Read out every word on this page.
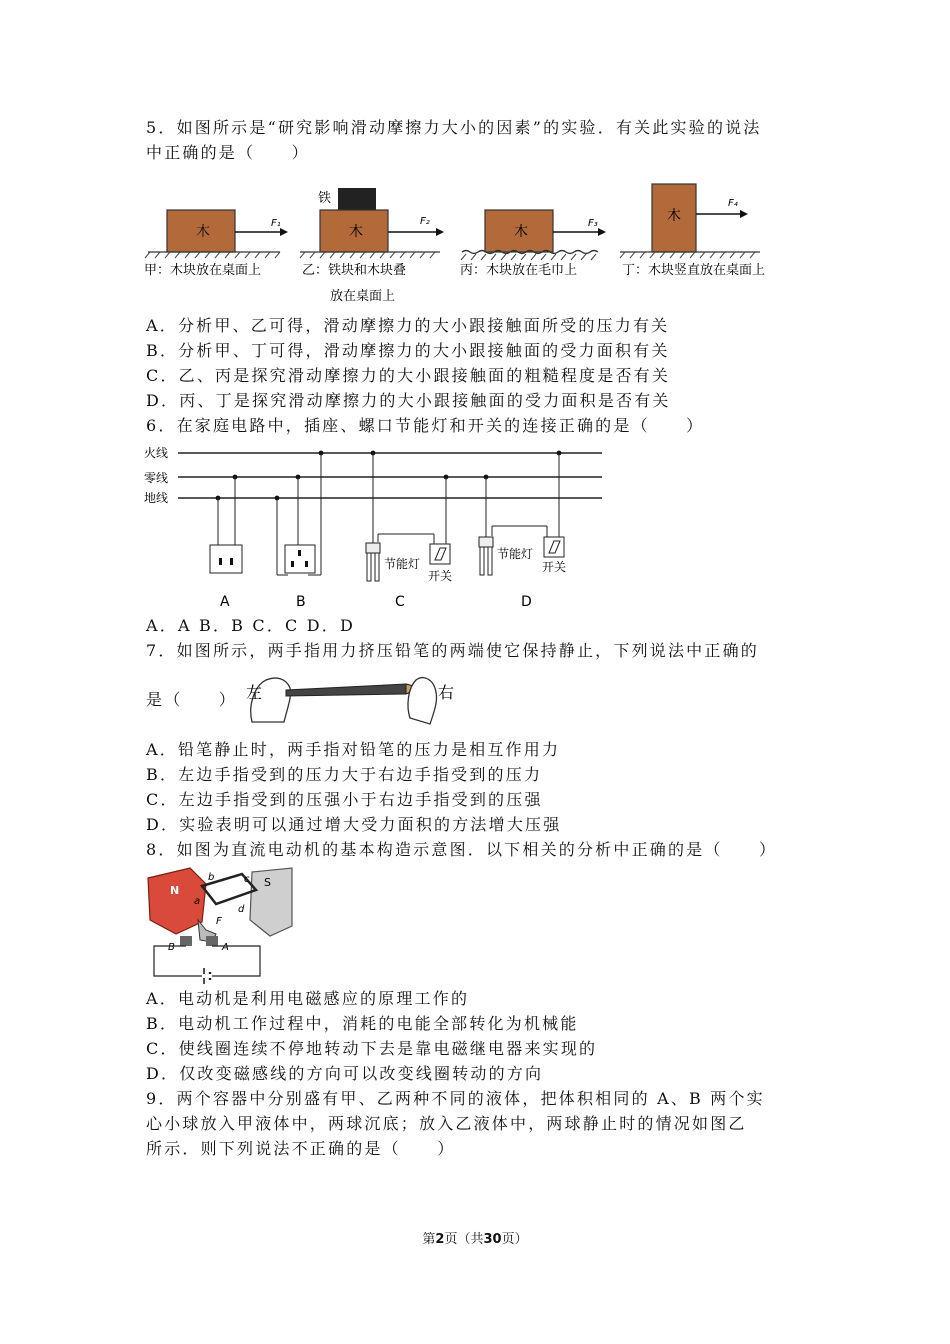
5．如图所示是“研究影响滑动摩擦力大小的因素”的实验．有关此实验的说法
中正确的是（　　）
木
F₁
甲：木块放在桌面上
铁
木
F₂
乙：铁块和木块叠
放在桌面上
木
F₃
丙：木块放在毛巾上
木
F₄
丁：木块竖直放在桌面上
A．分析甲、乙可得，滑动摩擦力的大小跟接触面所受的压力有关
B．分析甲、丁可得，滑动摩擦力的大小跟接触面的受力面积有关
C．乙、丙是探究滑动摩擦力的大小跟接触面的粗糙程度是否有关
D．丙、丁是探究滑动摩擦力的大小跟接触面的受力面积是否有关
6．在家庭电路中，插座、螺口节能灯和开关的连接正确的是（　　）
火线
零线
地线
A	B
节能灯
开关
C
节能灯
开关
D
A．A B．B C．C D．D
7．如图所示，两手指用力挤压铅笔的两端使它保持静止，下列说法中正确的
是（　　） 左	右
A．铅笔静止时，两手指对铅笔的压力是相互作用力
B．左边手指受到的压力大于右边手指受到的压力
C．左边手指受到的压强小于右边手指受到的压强
D．实验表明可以通过增大受力面积的方法增大压强
8．如图为直流电动机的基本构造示意图．以下相关的分析中正确的是（　　）
N
S
b	c
d
a
F
B	A
A．电动机是利用电磁感应的原理工作的
B．电动机工作过程中，消耗的电能全部转化为机械能
C．使线圈连续不停地转动下去是靠电磁继电器来实现的
D．仅改变磁感线的方向可以改变线圈转动的方向
9．两个容器中分别盛有甲、乙两种不同的液体，把体积相同的 A、B 两个实
心小球放入甲液体中，两球沉底；放入乙液体中，两球静止时的情况如图乙
所示．则下列说法不正确的是（　　）
第2页（共30页）
